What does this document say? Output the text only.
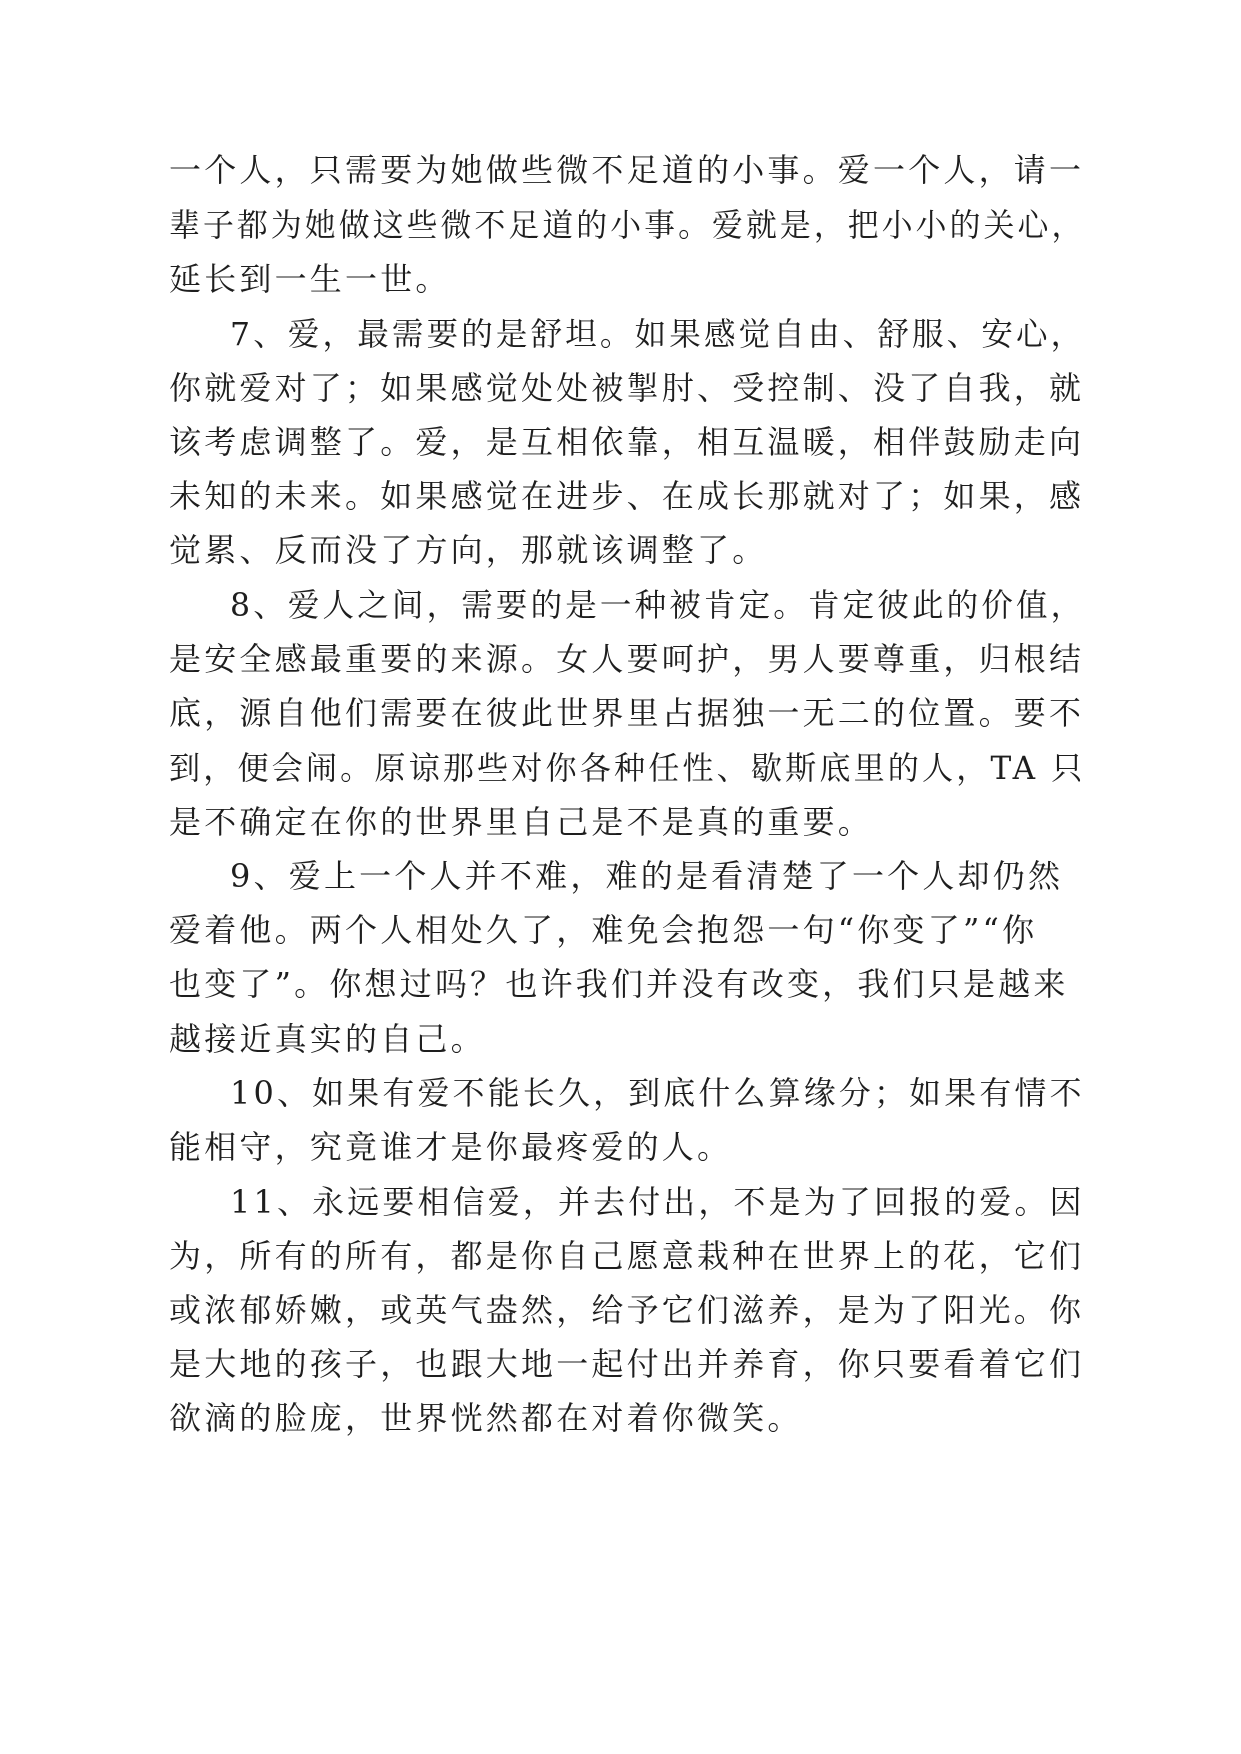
一个人，只需要为她做些微不足道的小事。爱一个人，请一
辈子都为她做这些微不足道的小事。爱就是，把小小的关心，
延长到一生一世。
7、爱，最需要的是舒坦。如果感觉自由、舒服、安心，
你就爱对了；如果感觉处处被掣肘、受控制、没了自我，就
该考虑调整了。爱，是互相依靠，相互温暖，相伴鼓励走向
未知的未来。如果感觉在进步、在成长那就对了；如果，感
觉累、反而没了方向，那就该调整了。
8、爱人之间，需要的是一种被肯定。肯定彼此的价值，
是安全感最重要的来源。女人要呵护，男人要尊重，归根结
底，源自他们需要在彼此世界里占据独一无二的位置。要不
到，便会闹。原谅那些对你各种任性、歇斯底里的人，TA 只
是不确定在你的世界里自己是不是真的重要。
9、爱上一个人并不难，难的是看清楚了一个人却仍然
爱着他。两个人相处久了，难免会抱怨一句“你变了”“你
也变了”。你想过吗？也许我们并没有改变，我们只是越来
越接近真实的自己。
10、如果有爱不能长久，到底什么算缘分；如果有情不
能相守，究竟谁才是你最疼爱的人。
11、永远要相信爱，并去付出，不是为了回报的爱。因
为，所有的所有，都是你自己愿意栽种在世界上的花，它们
或浓郁娇嫩，或英气盎然，给予它们滋养，是为了阳光。你
是大地的孩子，也跟大地一起付出并养育，你只要看着它们
欲滴的脸庞，世界恍然都在对着你微笑。
